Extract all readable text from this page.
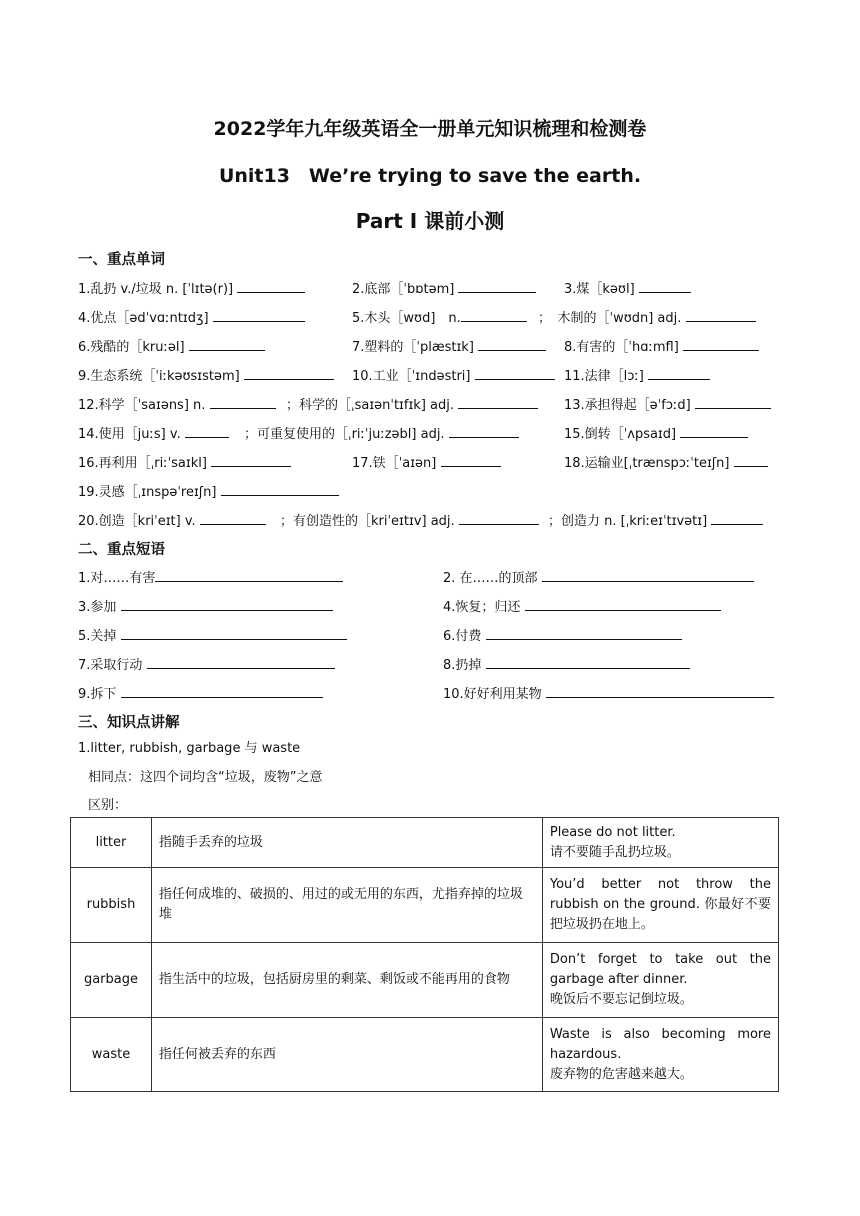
2022学年九年级英语全一册单元知识梳理和检测卷
Unit13　We’re trying to save the earth.
Part I 课前小测
一、重点单词
1.乱扔 v./垃圾 n. [ˈlɪtə(r)]	2.底部［ˈbɒtəm]	3.煤［kəʊl]
4.优点［ədˈvɑːntɪdʒ]	5.木头［wʊd]　n.	；　木制的［ˈwʊdn] adj.
6.残酷的［kruːəl]	7.塑料的［ˈplæstɪk]	8.有害的［ˈhɑːmfl]
9.生态系统［ˈiːkəʊsɪstəm]	10.工业［ˈɪndəstri]	11.法律［lɔː]
12.科学［ˈsaɪəns] n.	；科学的［ˌsaɪənˈtɪfɪk] adj.	13.承担得起［əˈfɔːd]
14.使用［juːs] v.	；可重复使用的［ˌriːˈjuːzəbl] adj.	15.倒转［ˈʌpsaɪd]
16.再利用［ˌriːˈsaɪkl]	17.铁［ˈaɪən]	18.运输业[ˌtrænspɔːˈteɪʃn]
19.灵感［ˌɪnspəˈreɪʃn]
20.创造［kriˈeɪt] v.	；有创造性的［kriˈeɪtɪv] adj.	；创造力 n. [ˌkriːeɪˈtɪvətɪ]
二、重点短语
1.对……有害	2. 在……的顶部
3.参加	4.恢复；归还
5.关掉	6.付费
7.采取行动	8.扔掉
9.拆下	10.好好利用某物
三、知识点讲解
1.litter, rubbish, garbage 与 waste
相同点：这四个词均含“垃圾，废物”之意
区别：
litter	指随手丢弃的垃圾	Please do not litter.
请不要随手乱扔垃圾。

rubbish	指任何成堆的、破损的、用过的或无用的东西，尤指弃掉的垃圾堆	You’d better not throw the rubbish on the ground. 你最好不要把垃圾扔在地上。

garbage	指生活中的垃圾，包括厨房里的剩菜、剩饭或不能再用的食物	Don’t forget to take out the garbage after dinner.
晚饭后不要忘记倒垃圾。

waste	指任何被丢弃的东西	Waste is also becoming more hazardous.
废弃物的危害越来越大。
